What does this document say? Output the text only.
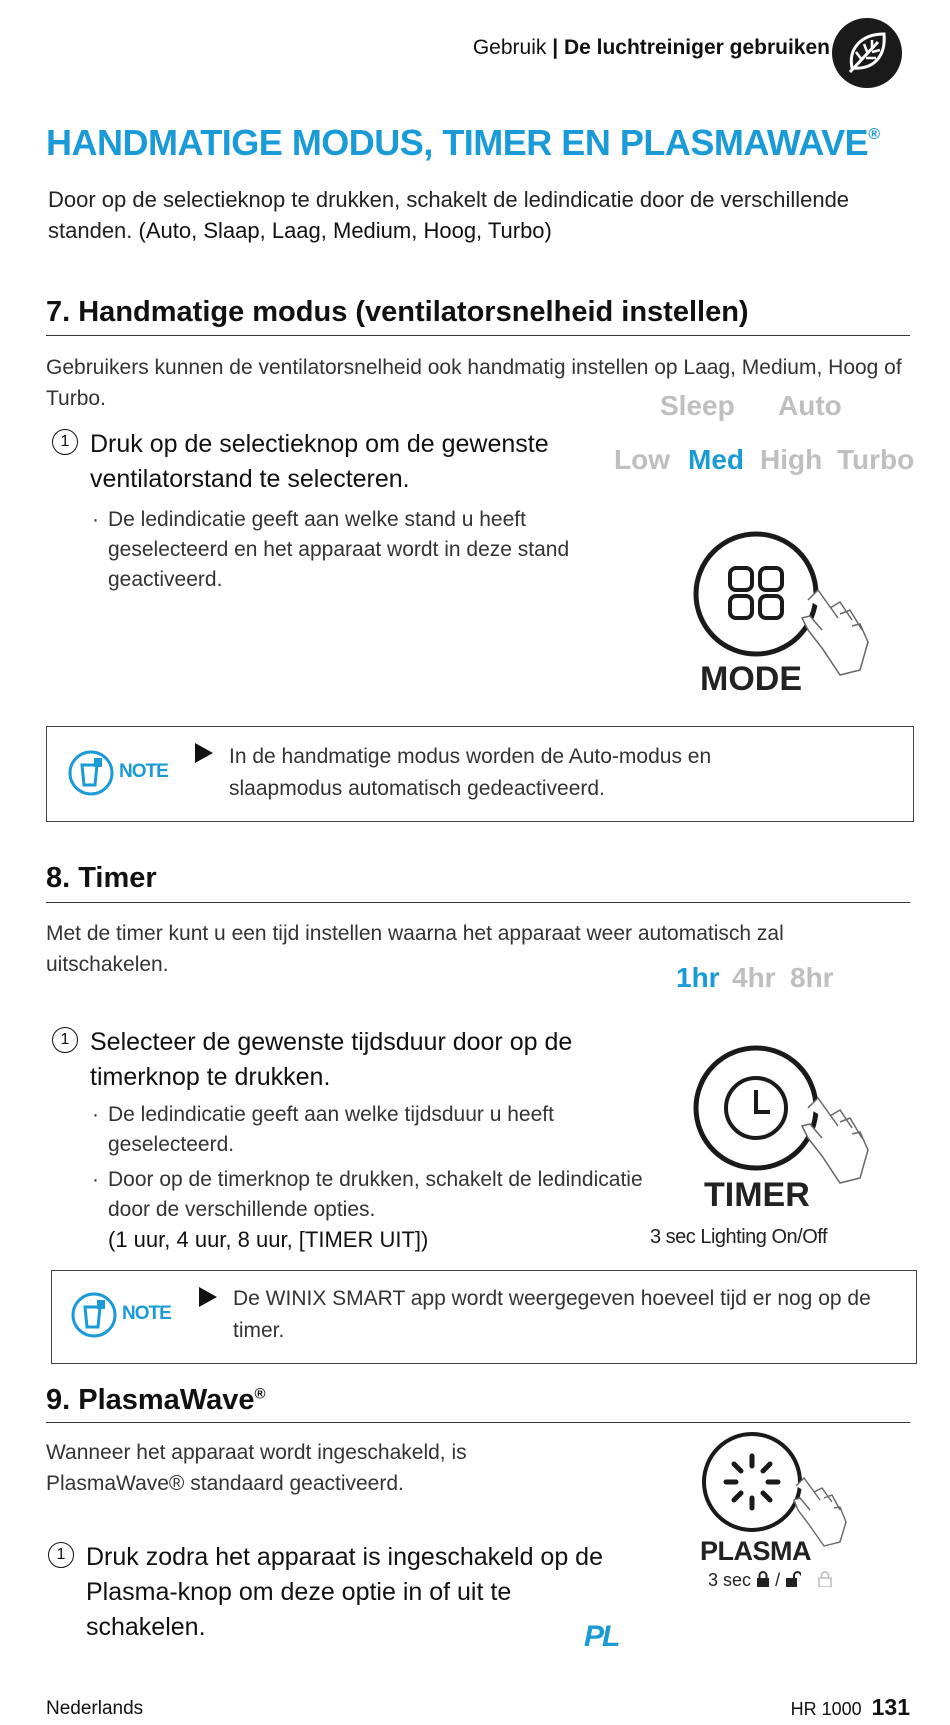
Gebruik | De luchtreiniger gebruiken
HANDMATIGE MODUS, TIMER EN PLASMAWAVE®
Door op de selectieknop te drukken, schakelt de ledindicatie door de verschillende standen. (Auto, Slaap, Laag, Medium, Hoog, Turbo)
7. Handmatige modus (ventilatorsnelheid instellen)
Gebruikers kunnen de ventilatorsnelheid ook handmatig instellen op Laag, Medium, Hoog of Turbo.
1 Druk op de selectieknop om de gewenste ventilatorstand te selecteren.
· De ledindicatie geeft aan welke stand u heeft geselecteerd en het apparaat wordt in deze stand geactiveerd.
Sleep Auto
Low Med High Turbo
MODE
NOTE
In de handmatige modus worden de Auto-modus en slaapmodus automatisch gedeactiveerd.
8. Timer
Met de timer kunt u een tijd instellen waarna het apparaat weer automatisch zal uitschakelen.	1hr 4hr 8hr
1 Selecteer de gewenste tijdsduur door op de timerknop te drukken.
· De ledindicatie geeft aan welke tijdsduur u heeft geselecteerd.
· Door op de timerknop te drukken, schakelt de ledindicatie door de verschillende opties.
(1 uur, 4 uur, 8 uur, [TIMER UIT])
TIMER
3 sec Lighting On/Off
NOTE
De WINIX SMART app wordt weergegeven hoeveel tijd er nog op de timer.
9. PlasmaWave®
Wanneer het apparaat wordt ingeschakeld, is PlasmaWave® standaard geactiveerd.
1 Druk zodra het apparaat is ingeschakeld op de Plasma-knop om deze optie in of uit te schakelen.
PLASMA
3 sec /
PL
Nederlands	HR 1000 131
